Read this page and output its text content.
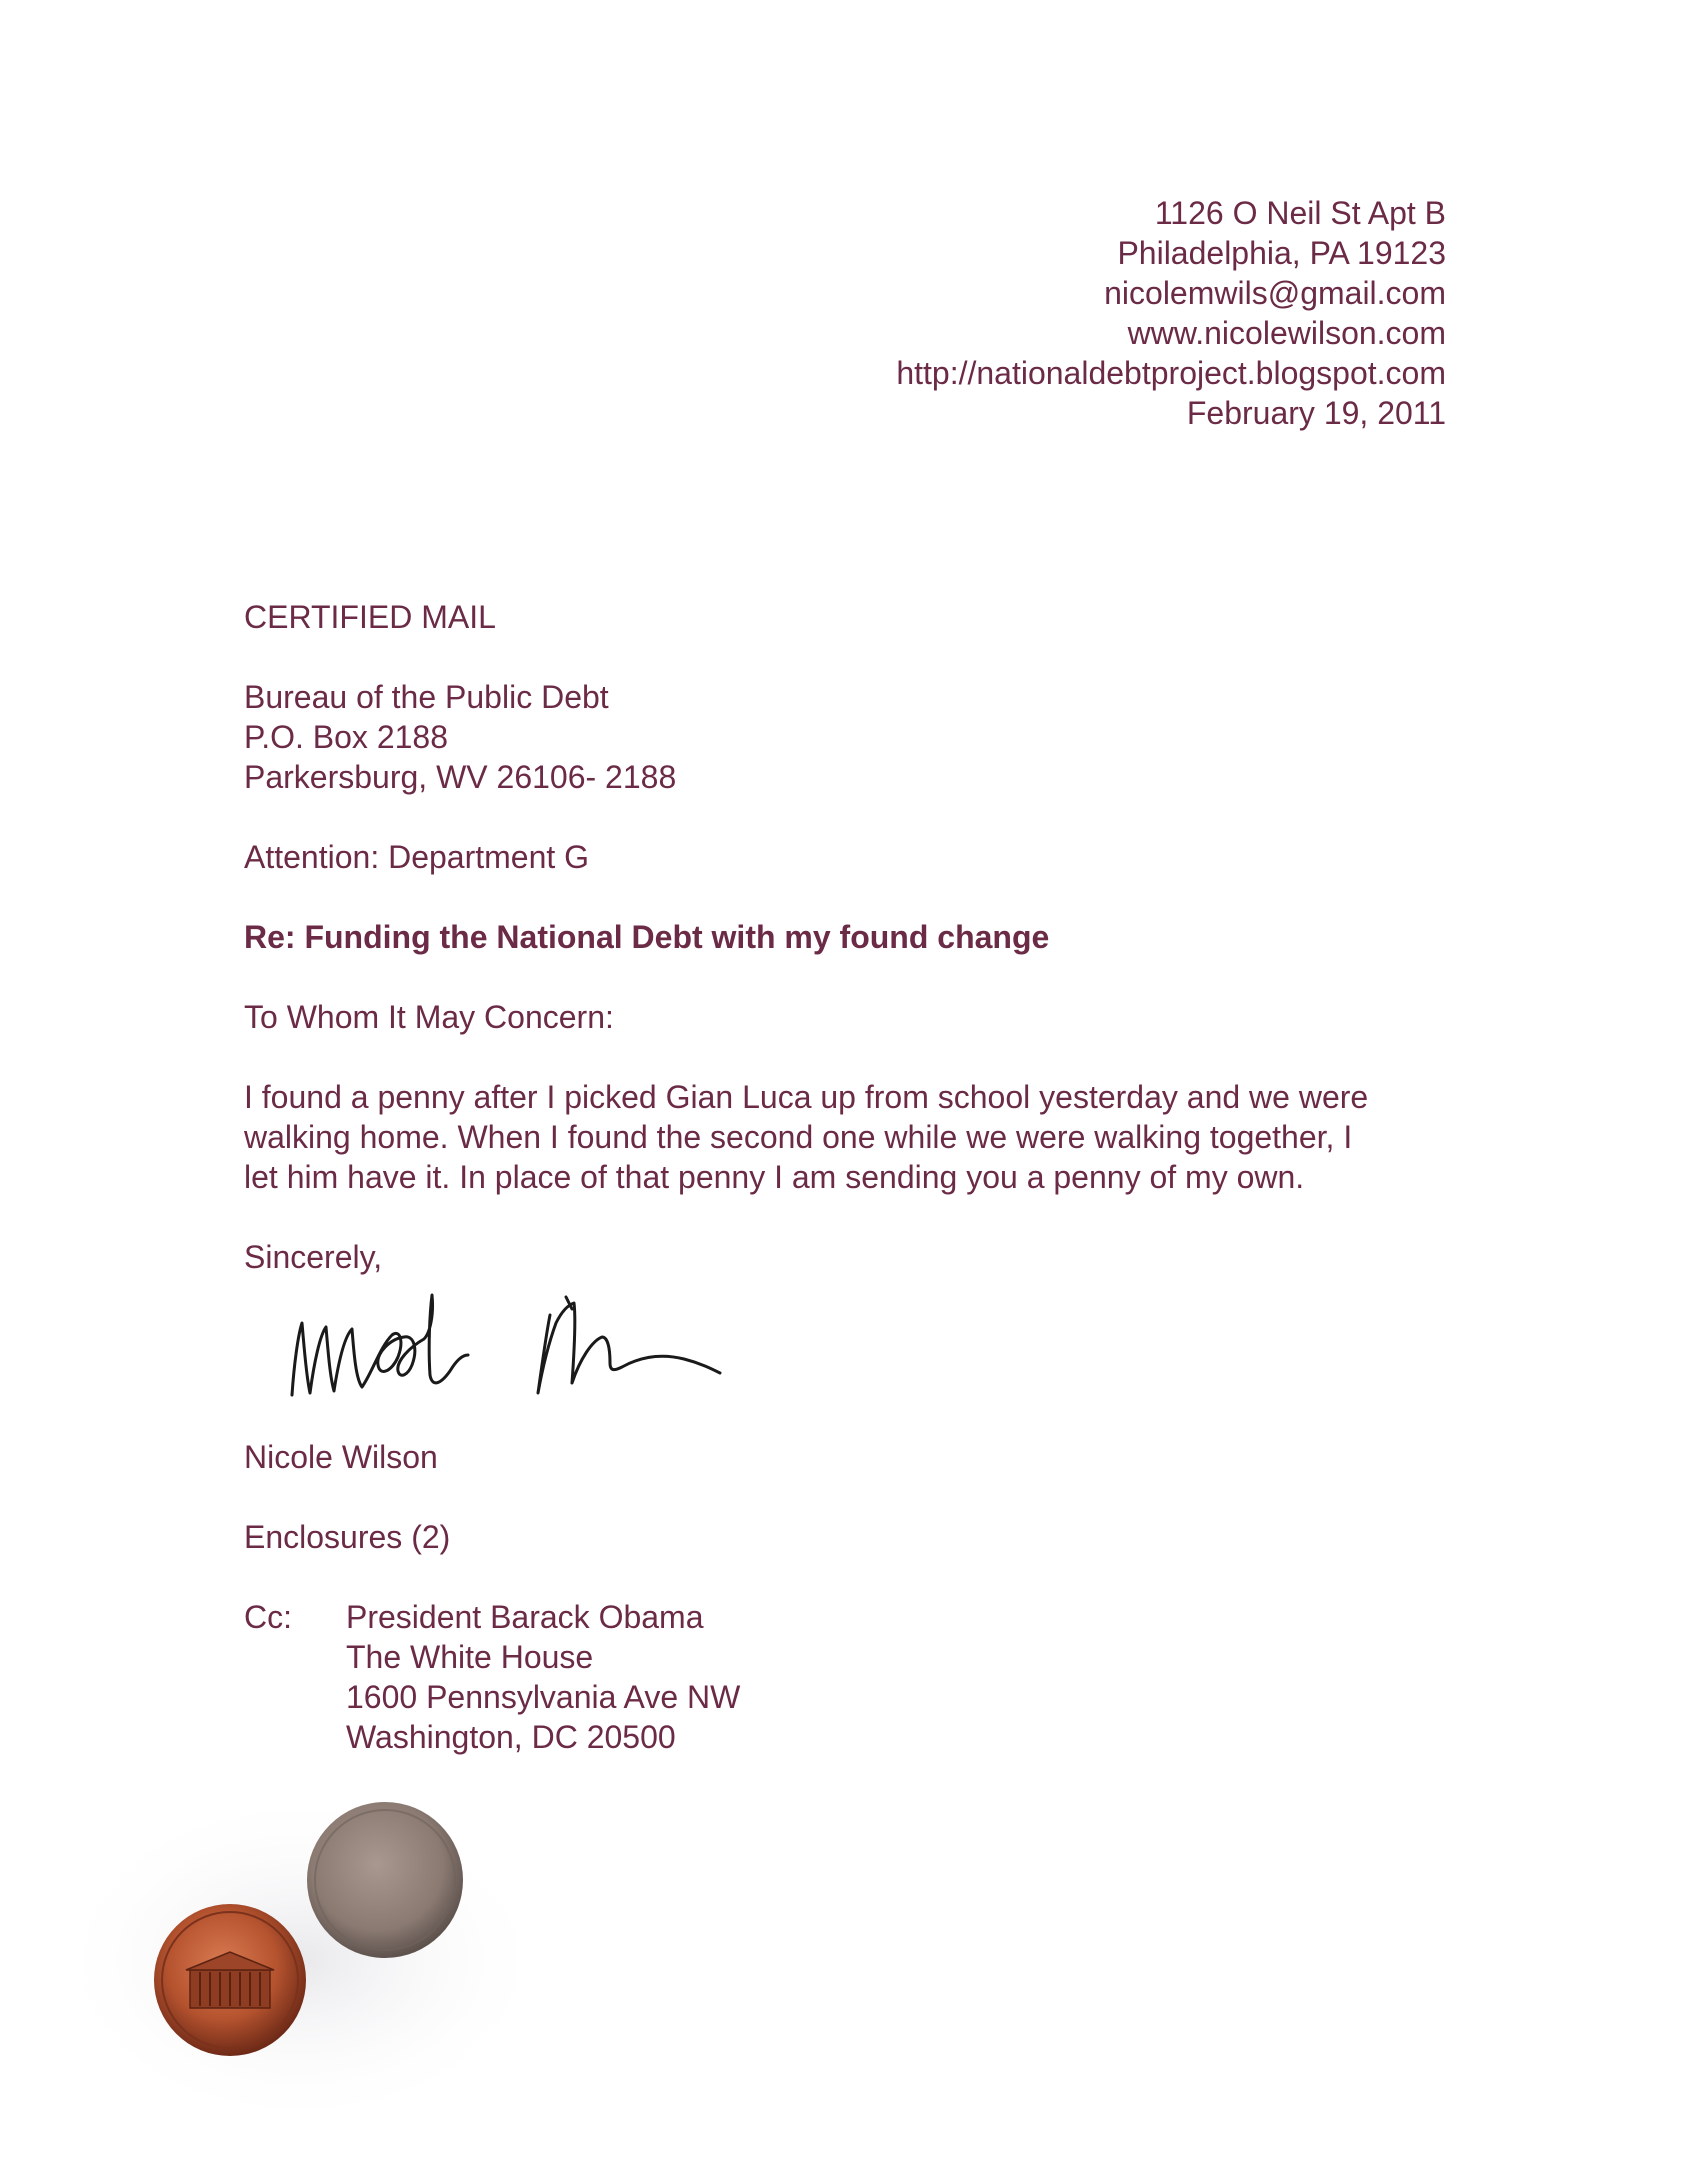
1126 O Neil St Apt B
Philadelphia, PA 19123
nicolemwils@gmail.com
www.nicolewilson.com
http://nationaldebtproject.blogspot.com
February 19, 2011
CERTIFIED MAIL
Bureau of the Public Debt
P.O. Box 2188
Parkersburg, WV 26106- 2188
Attention: Department G
Re: Funding the National Debt with my found change
To Whom It May Concern:
I found a penny after I picked Gian Luca up from school yesterday and we were
walking home. When I found the second one while we were walking together, I
let him have it. In place of that penny I am sending you a penny of my own.
Sincerely,
Nicole Wilson
Enclosures (2)
Cc: President Barack Obama
The White House
1600 Pennsylvania Ave NW
Washington, DC 20500
